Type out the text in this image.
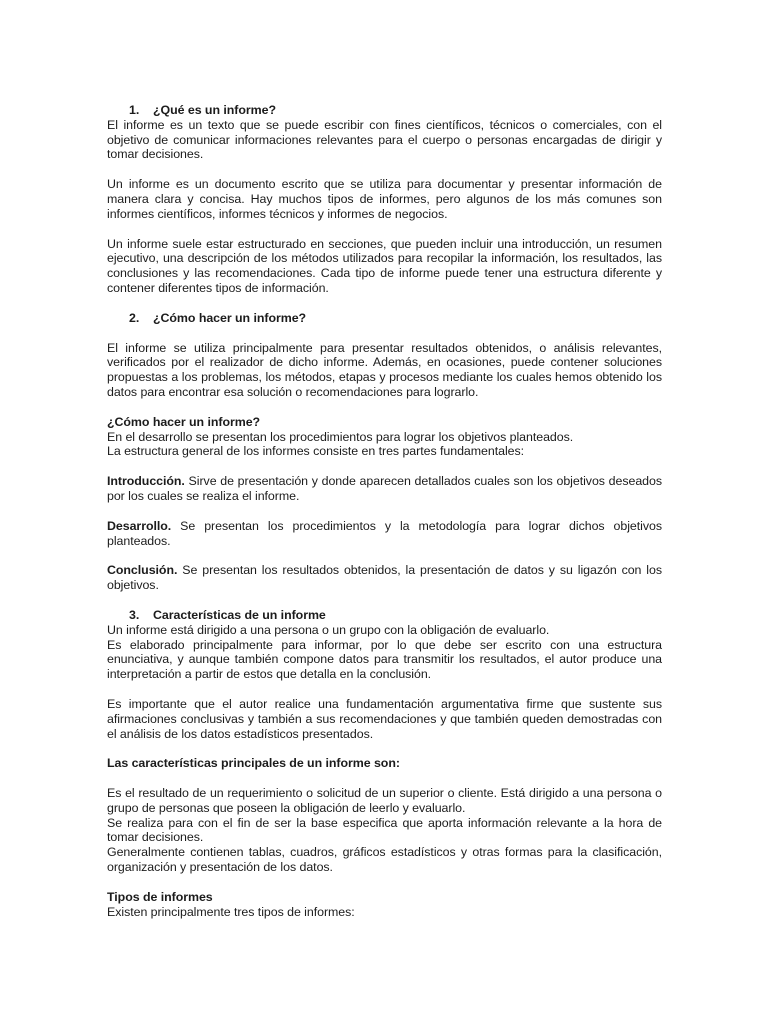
1. ¿Qué es un informe?

El informe es un texto que se puede escribir con fines científicos, técnicos o comerciales, con el objetivo de comunicar informaciones relevantes para el cuerpo o personas encargadas de dirigir y tomar decisiones.

Un informe es un documento escrito que se utiliza para documentar y presentar información de manera clara y concisa. Hay muchos tipos de informes, pero algunos de los más comunes son informes científicos, informes técnicos y informes de negocios.

Un informe suele estar estructurado en secciones, que pueden incluir una introducción, un resumen ejecutivo, una descripción de los métodos utilizados para recopilar la información, los resultados, las conclusiones y las recomendaciones. Cada tipo de informe puede tener una estructura diferente y contener diferentes tipos de información.

2. ¿Cómo hacer un informe?

El informe se utiliza principalmente para presentar resultados obtenidos, o análisis relevantes, verificados por el realizador de dicho informe. Además, en ocasiones, puede contener soluciones propuestas a los problemas, los métodos, etapas y procesos mediante los cuales hemos obtenido los datos para encontrar esa solución o recomendaciones para lograrlo.

¿Cómo hacer un informe?

En el desarrollo se presentan los procedimientos para lograr los objetivos planteados.

La estructura general de los informes consiste en tres partes fundamentales:

Introducción. Sirve de presentación y donde aparecen detallados cuales son los objetivos deseados por los cuales se realiza el informe.

Desarrollo. Se presentan los procedimientos y la metodología para lograr dichos objetivos planteados.

Conclusión. Se presentan los resultados obtenidos, la presentación de datos y su ligazón con los objetivos.

3. Características de un informe

Un informe está dirigido a una persona o un grupo con la obligación de evaluarlo.

Es elaborado principalmente para informar, por lo que debe ser escrito con una estructura enunciativa, y aunque también compone datos para transmitir los resultados, el autor produce una interpretación a partir de estos que detalla en la conclusión.

Es importante que el autor realice una fundamentación argumentativa firme que sustente sus afirmaciones conclusivas y también a sus recomendaciones y que también queden demostradas con el análisis de los datos estadísticos presentados.

Las características principales de un informe son:

Es el resultado de un requerimiento o solicitud de un superior o cliente. Está dirigido a una persona o grupo de personas que poseen la obligación de leerlo y evaluarlo.

Se realiza para con el fin de ser la base especifica que aporta información relevante a la hora de tomar decisiones.

Generalmente contienen tablas, cuadros, gráficos estadísticos y otras formas para la clasificación, organización y presentación de los datos.

Tipos de informes

Existen principalmente tres tipos de informes:
